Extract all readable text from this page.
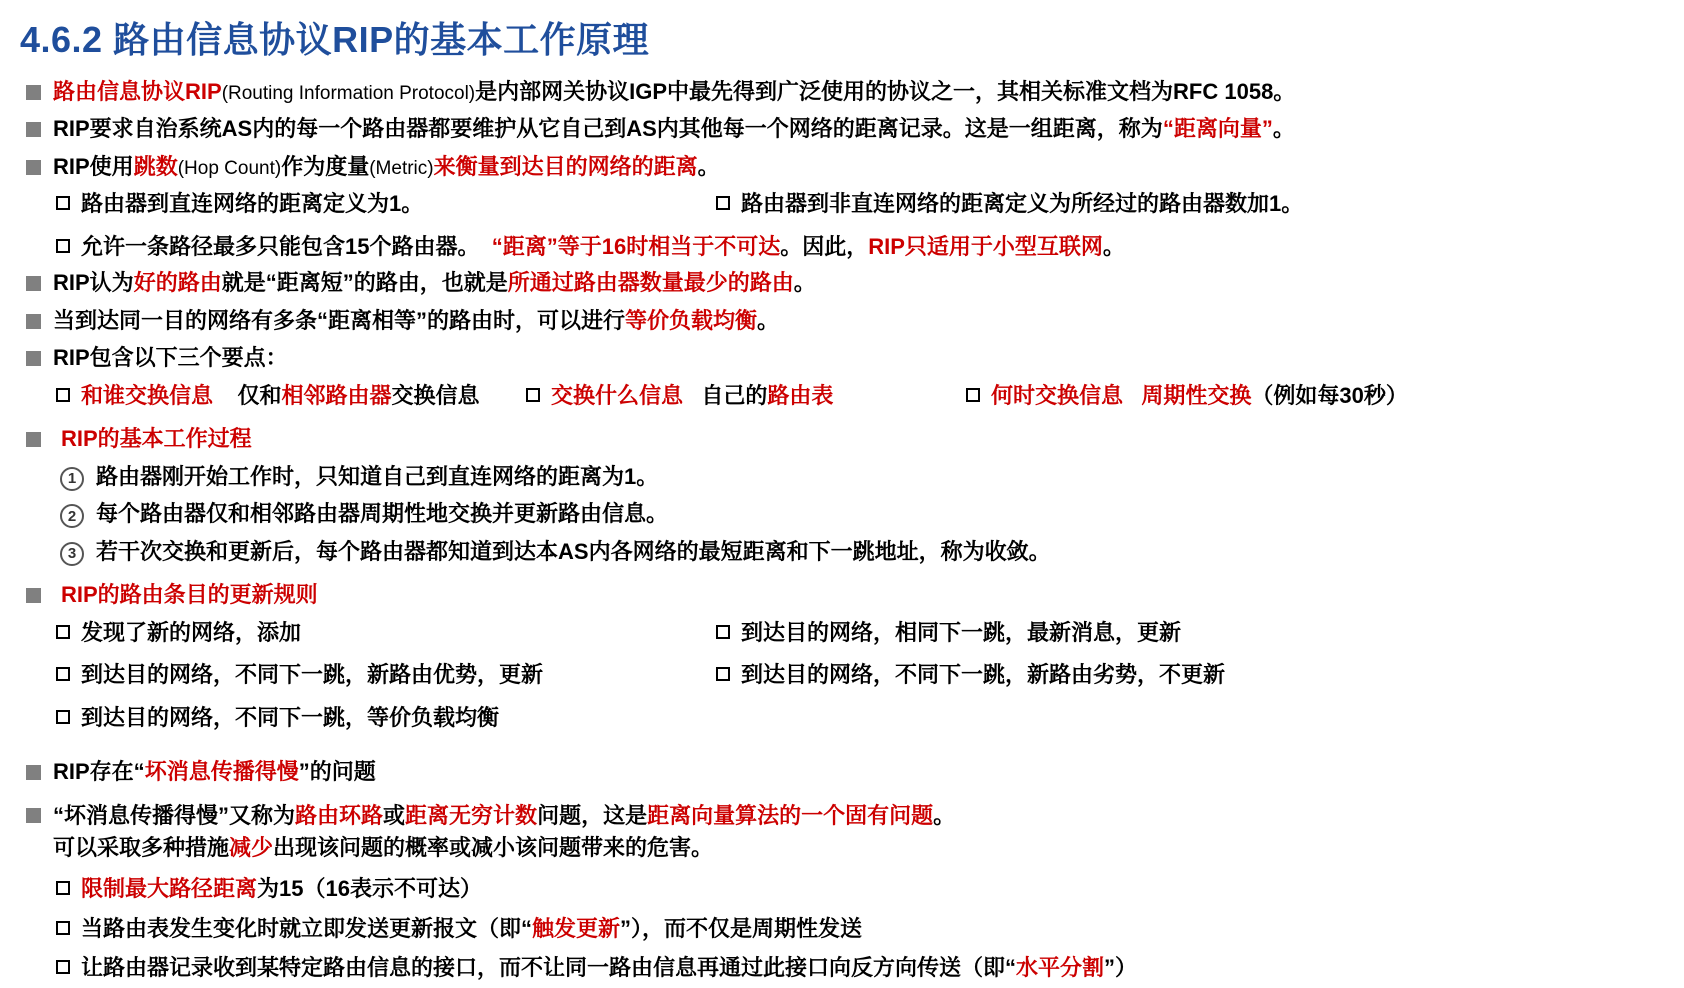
4.6.2 路由信息协议RIP的基本工作原理
路由信息协议RIP(Routing Information Protocol)是内部网关协议IGP中最先得到广泛使用的协议之一，其相关标准文档为RFC 1058。
RIP要求自治系统AS内的每一个路由器都要维护从它自己到AS内其他每一个网络的距离记录。这是一组距离，称为“距离向量”。
RIP使用跳数(Hop Count)作为度量(Metric)来衡量到达目的网络的距离。
路由器到直连网络的距离定义为1。	路由器到非直连网络的距离定义为所经过的路由器数加1。
允许一条路径最多只能包含15个路由器。 “距离”等于16时相当于不可达。因此，RIP只适用于小型互联网。
RIP认为好的路由就是“距离短”的路由，也就是所通过路由器数量最少的路由。
当到达同一目的网络有多条“距离相等”的路由时，可以进行等价负载均衡。
RIP包含以下三个要点：
和谁交换信息 仅和相邻路由器交换信息	交换什么信息 自己的路由表	何时交换信息 周期性交换（例如每30秒）
RIP的基本工作过程
1 路由器刚开始工作时，只知道自己到直连网络的距离为1。
2 每个路由器仅和相邻路由器周期性地交换并更新路由信息。
3 若干次交换和更新后，每个路由器都知道到达本AS内各网络的最短距离和下一跳地址，称为收敛。
RIP的路由条目的更新规则
发现了新的网络，添加	到达目的网络，相同下一跳，最新消息，更新
到达目的网络，不同下一跳，新路由优势，更新	到达目的网络，不同下一跳，新路由劣势，不更新
到达目的网络，不同下一跳，等价负载均衡
RIP存在“坏消息传播得慢”的问题
“坏消息传播得慢”又称为路由环路或距离无穷计数问题，这是距离向量算法的一个固有问题。
可以采取多种措施减少出现该问题的概率或减小该问题带来的危害。
限制最大路径距离为15（16表示不可达）
当路由表发生变化时就立即发送更新报文（即“触发更新”），而不仅是周期性发送
让路由器记录收到某特定路由信息的接口，而不让同一路由信息再通过此接口向反方向传送（即“水平分割”）
